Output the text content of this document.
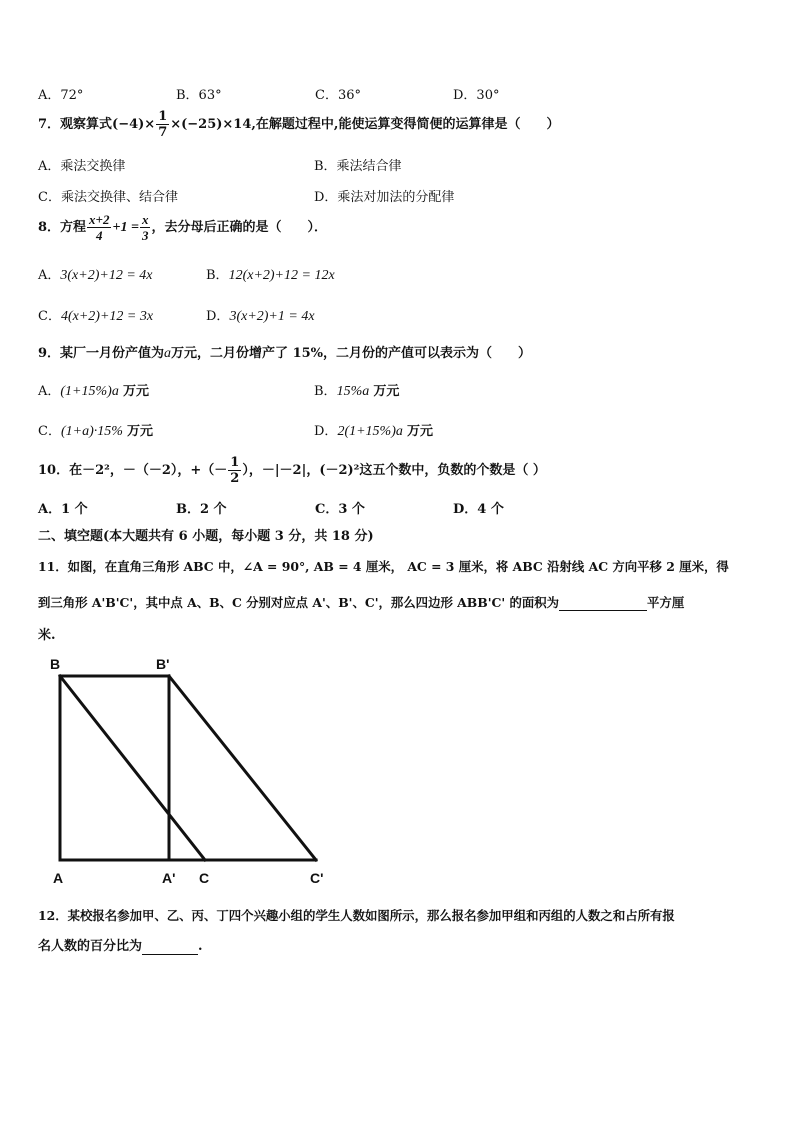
A．72°	B．63°	C．36°	D．30°
7．观察算式$(-4)\times \frac{1}{7} \times(-25)\times 14$,在解题过程中,能使运算变得简便的运算律是（　　）
A．乘法交换律	B．乘法结合律
C．乘法交换律、结合律	D．乘法对加法的分配律
8．方程 $\frac{x+2}{4} +1 = \frac{x}{3}$ ，去分母后正确的是（　　）．
A．3(x+2)+12 = 4x	B．12(x+2)+12 = 12x
C．4(x+2)+12 = 3x	D．3(x+2)+1 = 4x
9．某厂一月份产值为a万元，二月份增产了 15%，二月份的产值可以表示为（　　）
A．(1+15%)a 万元	B．15%a 万元
C．(1+a)·15% 万元	D．2(1+15%)a 万元
10．在－2²，－（－2），+（－ $\frac{1}{2}$ ），－|－2|，(－2)²这五个数中，负数的个数是（ ）
A．1 个	B．2 个	C．3 个	D．4 个
二、填空题(本大题共有 6 小题，每小题 3 分，共 18 分)
11．如图，在直角三角形 ABC 中，∠A = 90°, AB = 4 厘米， AC = 3 厘米，将 ABC 沿射线 AC 方向平移 2 厘米，得
到三角形 A'B'C'，其中点 A、B、C 分别对应点 A'、B'、C'，那么四边形 ABB'C' 的面积为	平方厘
米.
B	B'
A	A' C	C'
12．某校报名参加甲、乙、丙、丁四个兴趣小组的学生人数如图所示，那么报名参加甲组和丙组的人数之和占所有报
名人数的百分比为	.
